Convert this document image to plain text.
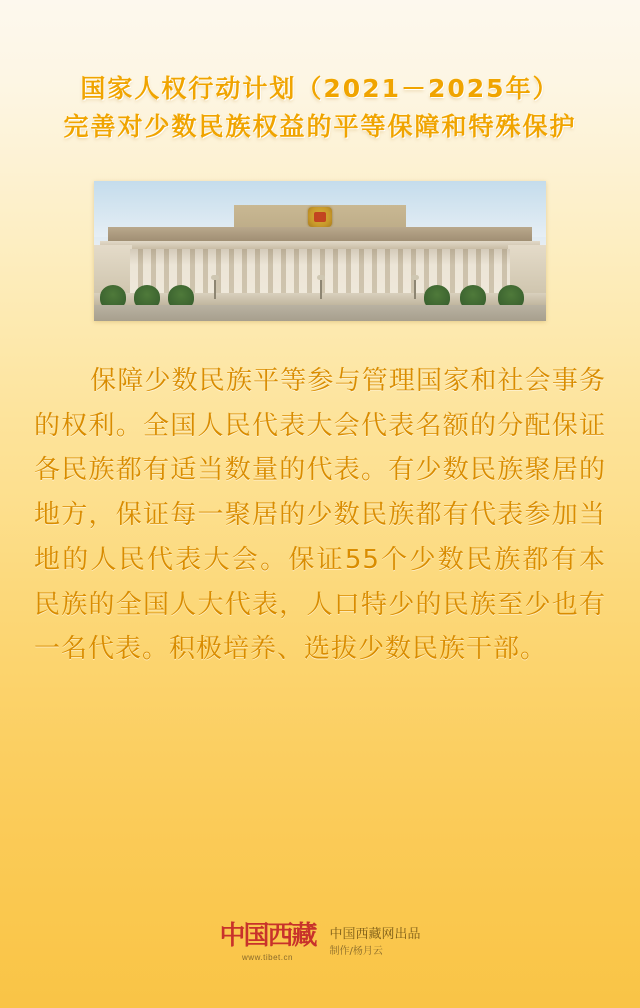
国家人权行动计划（2021－2025年）
完善对少数民族权益的平等保障和特殊保护
保障少数民族平等参与管理国家和社会事务的权利。全国人民代表大会代表名额的分配保证各民族都有适当数量的代表。有少数民族聚居的地方，保证每一聚居的少数民族都有代表参加当地的人民代表大会。保证55个少数民族都有本民族的全国人大代表，人口特少的民族至少也有一名代表。积极培养、选拔少数民族干部。
中国西藏
www.tibet.cn
中国西藏网出品
制作/杨月云
